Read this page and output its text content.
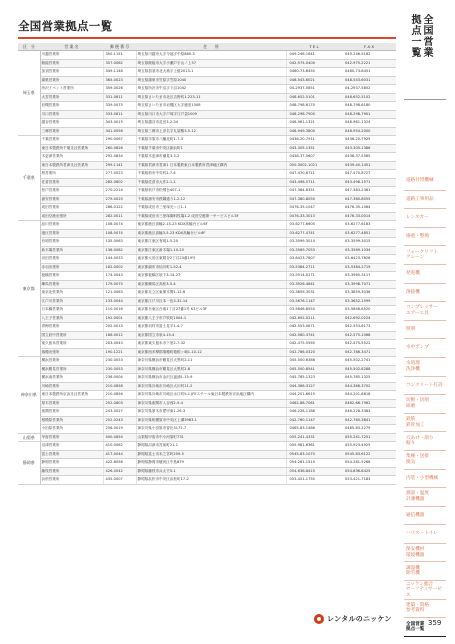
全国営業拠点一覧
区　分	営 業 名	郵 便 番 号	住　　所	T E L	F A X
埼玉県	川越営業所	350-1151	埼玉県川越市大字今福字中原880-3	049-246-1641	049-246-5182
	飯能営業所	357-0062	埼玉県飯能市大字小瀬戸字山ノ上37	042-975-0400	042-975-2221
	加須営業所	349-1148	埼玉県加須市北大桑字上組2013-1	0480-73-6450	0480-73-6451
	鴻巣営業所	365-0023	埼玉県鴻巣市笠原字笠原1040	048-543-6021	048-543-6031
	所沢イベント営業所	359-0026	埼玉県所沢市牛沼字下沼1042	04-2937-5851	04-2937-5852
	大宮営業所	331-0811	埼玉県さいたま市北区吉野町1-223-11	048-652-5101	048-652-5102
	岩槻営業所	339-0075	埼玉県さいたま市岩槻区大字鹿室1508	048-798-6170	048-798-6180
	川口営業所	333-0811	埼玉県川口市大字戸塚字江戸袋1009	048-298-7900	048-298-7901
	越谷営業所	343-0015	埼玉県越谷市花田3-2-34	048-961-1321	048-961-1324
	三郷営業所	341-0056	埼玉県三郷市上彦名字丸屋敷3-5-12	048-949-3800	048-954-2000
千葉県	千葉営業所	290-0067	千葉県市原市八幡北町1-7-3	0436-20-7911	0436-20-7925
	東日本製鉄所千葉支社営業所	260-0826	千葉県千葉市中央区新浜町1	043-305-1351	043-305-1386
	木更津営業所	292-0834	千葉県木更津市潮見3-3-2	0438-37-5607	0438-37-5565
	東日本製鉄所君津支社営業所	299-1141	千葉県君津市君津1 日本製鉄東日本製鉄所君津地区構内	050-3002-1021	0439-40-1451
	柏営業所	277-0023	千葉県柏市中央町2-7-4	047-470-8711	047-470-8727
	佐倉営業所	285-0802	千葉県佐倉市大作2-1-1	043-498-5711	043-498-1571
	松戸営業所	270-2214	千葉県松戸市松飛台407-1	047-384-8351	047-383-2381
	浦安営業所	279-0025	千葉県浦安市鉄鋼通り1-2-12	047-380-8050	047-380-8055
	成田営業所	286-0122	千葉県成田市三里塚光ヶ丘1-1	0476-35-1047	0476-35-1064
	成田空港出張所	282-0011	千葉県成田市三里塚御料牧場1-2 成田空港第一サービスビル3F	0476-33-3013	0476-33-0014
東京都	品川営業所	108-0074	東京都港区高輪2-15-23 KDX高輪台ビル6F	03-6277-6605	03-6277-6183
	港区営業所	108-0074	東京都港区高輪3-5-23 KDX高輪台ビル6F	03-6277-4741	03-6277-4851
	有明営業所	135-0063	東京都江東区有明1-5-20	03-3599-3014	03-3599-3015
	新木場営業所	136-0082	東京都江東区新木場1-10-20	03-3569-7053	03-3569-1034
	羽田営業所	144-0033	東京都大田区東糀谷2丁目23番19号	03-6423-7807	03-6423-7826
	赤羽出張所	182-0002	東京都調布市仙川町1-52-4	03-5384-2711	03-5384-2719
	板橋営業所	174-0043	東京都板橋区坂下3-14-27	03-5914-0271	03-3965-3117
	練馬営業所	179-0075	東京都練馬区高松3-5-4	03-3926-4841	03-3998-7071
	東京北営業所	121-0063	東京都足立区東保木間1-12-6	03-3859-3031	03-3859-3036
	江戸川営業所	133-0044	東京都江戸川区本一色3-32-14	03-5676-1147	03-3652-1599
	日本橋営業所	110-0016	東京都台東区台東1丁目27番1号 K3ビル3F	03-5846-8550	03-5846-8520
	八王子営業所	192-0001	東京都八王子市戸吹町1004-1	042-692-0211	042-692-0224
	青梅営業所	205-0013	東京都羽村市富士見平1-4-7	042-553-0871	042-553-6173
	国立府中営業所	186-0012	東京都国立市泉4-15-4	042-580-3741	042-575-1068
	東久留米営業所	203-0043	東京都東久留米市下里2-7-32	042-475-5565	042-475-5522
	瑞穂出張所	190-1221	東京都西多摩郡瑞穂町箱根ヶ崎1-10-12	042-786-0320	042-786-3471
神奈川県	横浜営業所	230-0053	神奈川県横浜市鶴見区大黒町2-11	045-500-6386	045-502-2741
	横浜鶴見営業所	230-0053	神奈川県横浜市鶴見区大黒町2-8	045-500-8541	045-502-8288
	横浜南営業所	236-0004	神奈川県横浜市金沢区福浦1-15-9	045-785-1323	045-785-1325
	川崎営業所	210-0858	神奈川県川崎市川崎区大川町11-2	044-366-3127	044-366-3702
	東日本製鉄所京浜支社営業所	210-0856	神奈川県川崎市川崎区水江町5-1 JFEスチール東日本製鉄所京浜地区構内	044-201-6615	044-201-8818
	厚木営業所	252-0803	神奈川県座間市入谷西2-9-4	0462-88-7061	0462-66-7962
	座間営業所	243-0027	神奈川県厚木市愛甲東1-26-3	046-228-1188	046-228-3383
	相模原営業所	252-0243	神奈川県相模原市中央区上溝3983-1	042-760-1147	042-760-3841
	小田原営業所	256-0019	神奈川県小田原市曽比3172-7	0465-83-1486	0465-83-2279
山梨県	甲府営業所	400-0854	山梨県甲府市中小河原町731	055-241-4331	055-241-7251
静岡県	沼津営業所	410-0062	静岡県沼津市宮前町21-1	055-981-6361	055-923-4925
	富士営業所	417-0044	静岡県富士市米之宮町259-5	0545-63-1070	0545-63-6122
	静岡営業所	422-8056	静岡県静岡市駿河区中島879	054-281-1515	054-281-5268
	藤枝営業所	426-0042	静岡県藤枝市兵太夫5-1	054-636-8415	054-636-8425
	浜松営業所	435-0007	静岡県浜松市中央区浜松町17-2	053-421-1750	053-421-7183
全国営業
拠点一覧
道路付帯機械
道路工事用品
レンタカー
揚重・整地
フォークリフト
クレーン
発電機
溶接機
コンプレッサー
エアーエ具
照明
水中ポンプ
水処理
洗浄機
コンクリート打設
切断・切削
研磨
鉄筋
鉄骨加工
穴あけ・削り
掘り
集塵・送排
換気
内装・小型機械
測量・温度
計測機器
通信機器
ハウス・トイレ
保安機材
環境機器
調湿機
除雪機
ニッケン総合
セーフティサービス
建築・資格
参考資料
全国営業
拠点一覧
レンタルのニッケン	359
